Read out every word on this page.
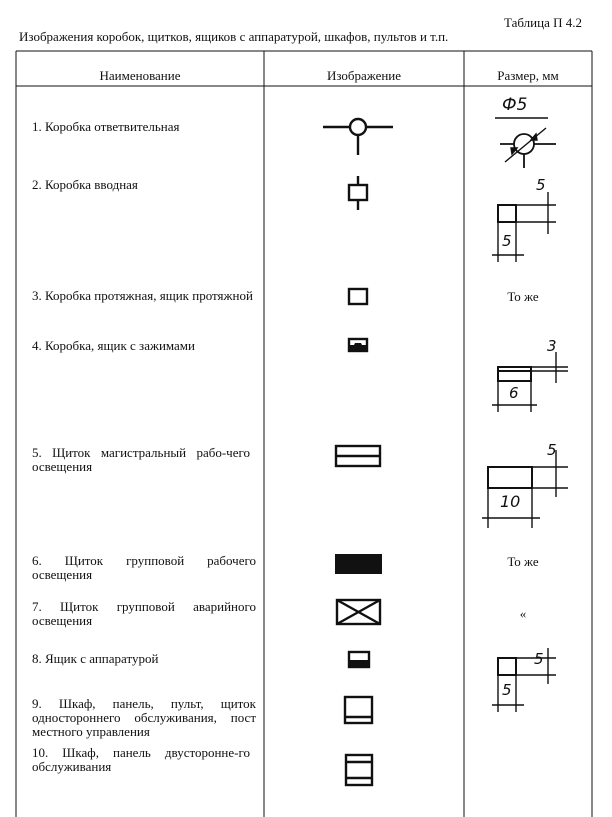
Таблица П 4.2
Изображения коробок, щитков, ящиков с аппаратурой, шкафов, пультов и т.п.
Наименование	Изображение	Размер, мм
1. Коробка ответвительная
2. Коробка вводная
3. Коробка протяжная, ящик протяжной
4. Коробка, ящик с зажимами
5. Щиток магистральный рабо-чего освещения
6. Щиток групповой рабочего освещения
7. Щиток групповой аварийного освещения
8. Ящик с аппаратурой
9. Шкаф, панель, пульт, щиток одностороннего обслуживания, пост местного управления
10. Шкаф, панель двусторонне-го обслуживания
То же
То же
«
Ф5
5
5
3
6
5
10
5
5
